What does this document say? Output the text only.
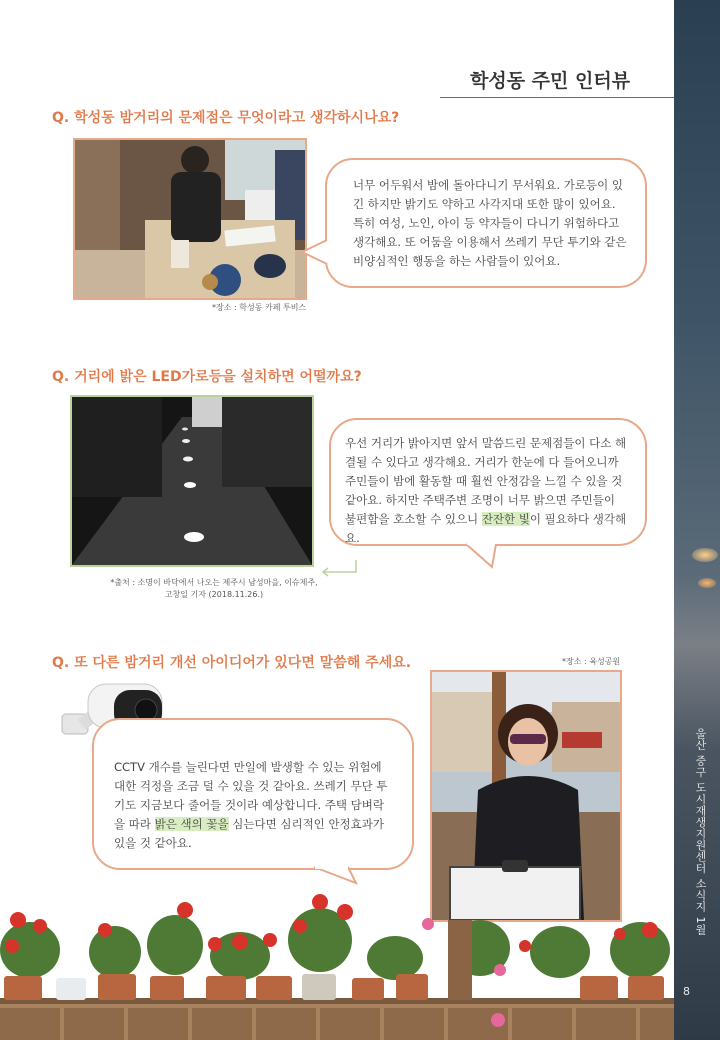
울산 중구 도시재생지원센터 소식지 1월
8
학성동 주민 인터뷰
Q. 학성동 밤거리의 문제점은 무엇이라고 생각하시나요?
*장소 : 학성동 카페 투비스
너무 어두워서 밤에 돌아다니기 무서워요. 가로등이 있긴 하지만 밝기도 약하고 사각지대 또한 많이 있어요. 특히 여성, 노인, 아이 등 약자들이 다니기 위험하다고 생각해요. 또 어둠을 이용해서 쓰레기 무단 투기와 같은 비양심적인 행동을 하는 사람들이 있어요.
Q. 거리에 밝은 LED가로등을 설치하면 어떨까요?
*출처 : 소명이 바닥에서 나오는 제주시 남성마을, 이슈제주,
고창일 기자 (2018.11.26.)
우선 거리가 밝아지면 앞서 말씀드린 문제점들이 다소 해결될 수 있다고 생각해요. 거리가 한눈에 다 들어오니까 주민들이 밤에 활동할 때 훨씬 안정감을 느낄 수 있을 것 같아요. 하지만 주택주변 조명이 너무 밝으면 주민들이 불편함을 호소할 수 있으니 잔잔한 빛이 필요하다 생각해요.
Q. 또 다른 밤거리 개선 아이디어가 있다면 말씀해 주세요.	*장소 : 육성공원
CCTV 개수를 늘린다면 만일에 발생할 수 있는 위험에 대한 걱정을 조금 덜 수 있을 것 같아요. 쓰레기 무단 투기도 지금보다 줄어들 것이라 예상합니다. 주택 담벼락을 따라 밝은 색의 꽃을 심는다면 심리적인 안정효과가 있을 것 같아요.
